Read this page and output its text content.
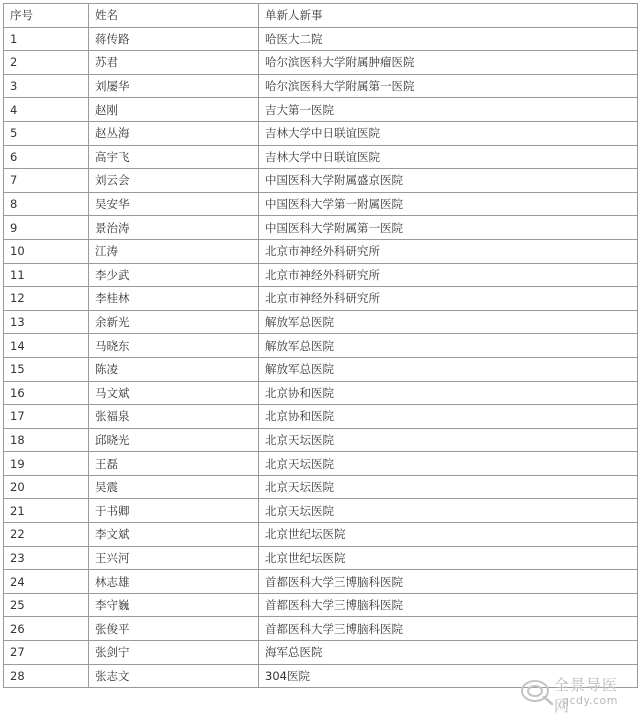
序号	姓名	单新人新事
1	蒋传路	哈医大二院
2	苏君	哈尔滨医科大学附属肿瘤医院
3	刘屡华	哈尔滨医科大学附属第一医院
4	赵刚	吉大第一医院
5	赵丛海	吉林大学中日联谊医院
6	高宇飞	吉林大学中日联谊医院
7	刘云会	中国医科大学附属盛京医院
8	吴安华	中国医科大学第一附属医院
9	景治涛	中国医科大学附属第一医院
10	江涛	北京市神经外科研究所
11	李少武	北京市神经外科研究所
12	李桂林	北京市神经外科研究所
13	余新光	解放军总医院
14	马晓东	解放军总医院
15	陈凌	解放军总医院
16	马文斌	北京协和医院
17	张福泉	北京协和医院
18	邱晓光	北京天坛医院
19	王磊	北京天坛医院
20	吴震	北京天坛医院
21	于书卿	北京天坛医院
22	李文斌	北京世纪坛医院
23	王兴河	北京世纪坛医院
24	林志雄	首都医科大学三博脑科医院
25	李守巍	首都医科大学三博脑科医院
26	张俊平	首都医科大学三博脑科医院
27	张剑宁	海军总医院
28	张志文	304医院
全景导医网
qcdy.com
